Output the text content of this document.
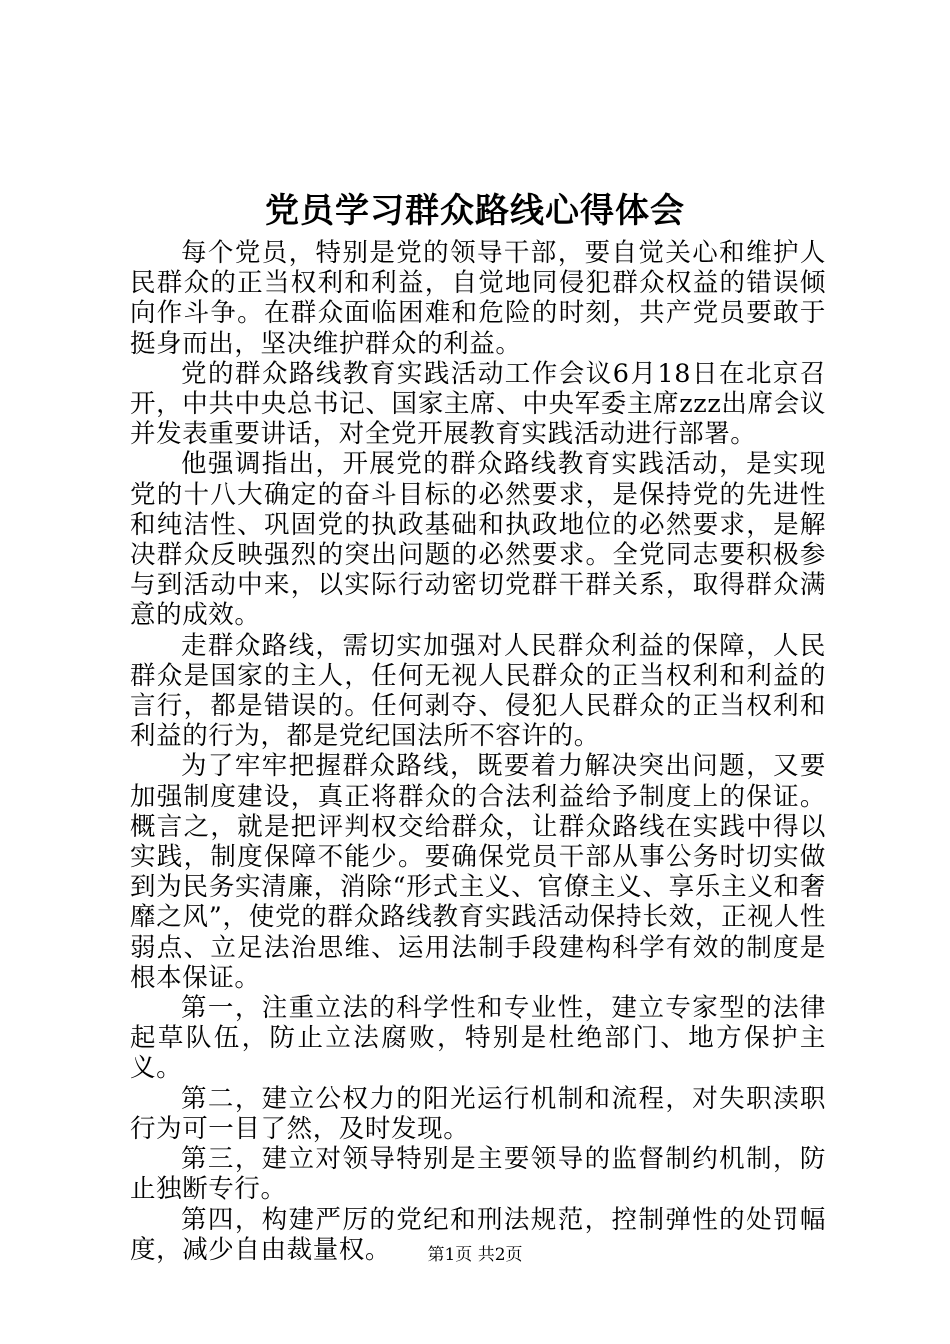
党员学习群众路线心得体会

每个党员，特别是党的领导干部，要自觉关心和维护人民群众的正当权利和利益，自觉地同侵犯群众权益的错误倾向作斗争。在群众面临困难和危险的时刻，共产党员要敢于挺身而出，坚决维护群众的利益。

党的群众路线教育实践活动工作会议6月18日在北京召开，中共中央总书记、国家主席、中央军委主席zzz出席会议并发表重要讲话，对全党开展教育实践活动进行部署。

他强调指出，开展党的群众路线教育实践活动，是实现党的十八大确定的奋斗目标的必然要求，是保持党的先进性和纯洁性、巩固党的执政基础和执政地位的必然要求，是解决群众反映强烈的突出问题的必然要求。全党同志要积极参与到活动中来，以实际行动密切党群干群关系，取得群众满意的成效。

走群众路线，需切实加强对人民群众利益的保障，人民群众是国家的主人，任何无视人民群众的正当权利和利益的言行，都是错误的。任何剥夺、侵犯人民群众的正当权利和利益的行为，都是党纪国法所不容许的。

为了牢牢把握群众路线，既要着力解决突出问题，又要加强制度建设，真正将群众的合法利益给予制度上的保证。概言之，就是把评判权交给群众，让群众路线在实践中得以实践，制度保障不能少。要确保党员干部从事公务时切实做到为民务实清廉，消除“形式主义、官僚主义、享乐主义和奢靡之风”，使党的群众路线教育实践活动保持长效，正视人性弱点、立足法治思维、运用法制手段建构科学有效的制度是根本保证。

第一，注重立法的科学性和专业性，建立专家型的法律起草队伍，防止立法腐败，特别是杜绝部门、地方保护主义。

第二，建立公权力的阳光运行机制和流程，对失职渎职行为可一目了然，及时发现。

第三，建立对领导特别是主要领导的监督制约机制，防止独断专行。

第四，构建严厉的党纪和刑法规范，控制弹性的处罚幅度，减少自由裁量权。	第1页 共2页
